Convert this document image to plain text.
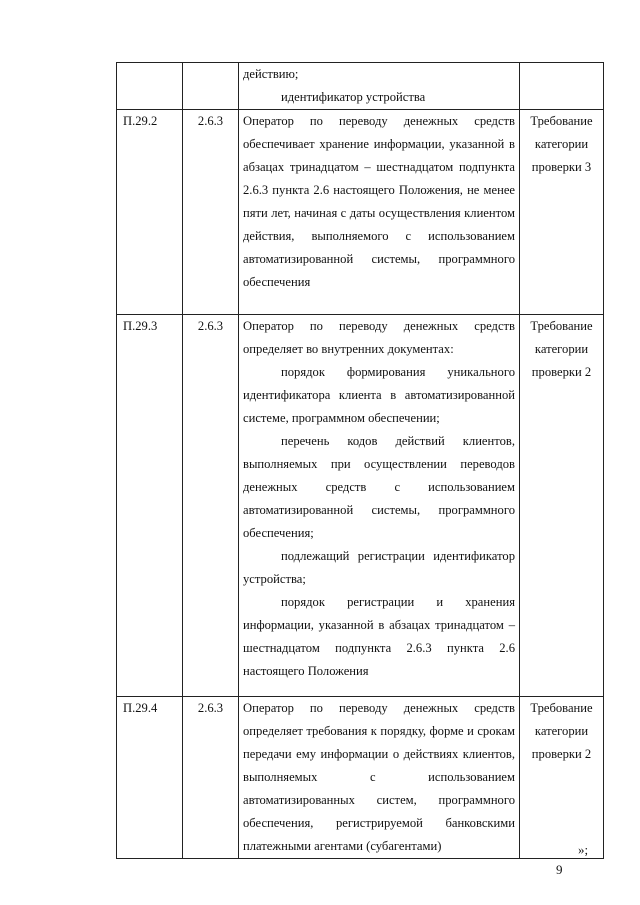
		действию;

идентификатор устройства	

П.29.2	2.6.3	Оператор по переводу денежных средств обеспечивает хранение информации, указанной в абзацах тринадцатом – шестнадцатом подпункта 2.6.3 пункта 2.6 настоящего Положения, не менее пяти лет, начиная с даты осуществления клиентом действия, выполняемого с использованием автоматизированной системы, программного обеспечения	Требование категории проверки 3
П.29.3	2.6.3	Оператор по переводу денежных средств определяет во внутренних документах:

порядок формирования уникального идентификатора клиента в автоматизированной системе, программном обеспечении;

перечень кодов действий клиентов, выполняемых при осуществлении переводов денежных средств с использованием автоматизированной системы, программного обеспечения;

подлежащий регистрации идентификатор устройства;

порядок регистрации и хранения информации, указанной в абзацах тринадцатом – шестнадцатом подпункта 2.6.3 пункта 2.6 настоящего Положения	Требование категории проверки 2
П.29.4	2.6.3	Оператор по переводу денежных средств определяет требования к порядку, форме и срокам передачи ему информации о действиях клиентов, выполняемых с использованием автоматизированных систем, программного обеспечения, регистрируемой банковскими платежными агентами (субагентами)	Требование категории проверки 2
»;
9
